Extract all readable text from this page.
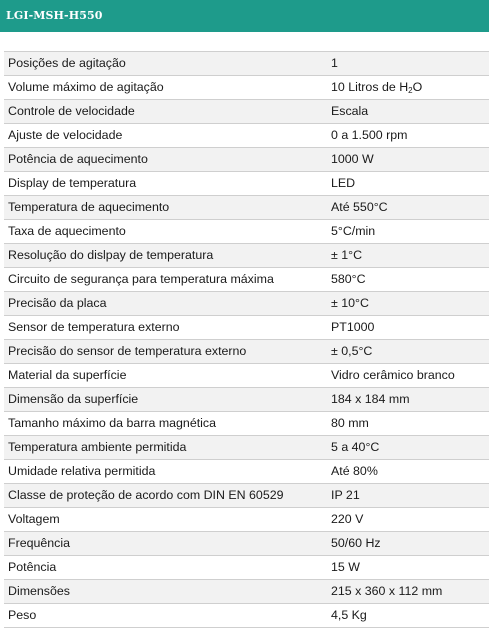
LGI-MSH-H550
Posições de agitação	1
Volume máximo de agitação	10 Litros de $H_2O$
Controle de velocidade	Escala
Ajuste de velocidade	0 a 1.500 rpm
Potência de aquecimento	1000 W
Display de temperatura	LED
Temperatura de aquecimento	Até 550°C
Taxa de aquecimento	5°C/min
Resolução do dislpay de temperatura	± 1°C
Circuito de segurança para temperatura máxima	580°C
Precisão da placa	± 10°C
Sensor de temperatura externo	PT1000
Precisão do sensor de temperatura externo	± 0,5°C
Material da superfície	Vidro cerâmico branco
Dimensão da superfície	184 x 184 mm
Tamanho máximo da barra magnética	80 mm
Temperatura ambiente permitida	5 a 40°C
Umidade relativa permitida	Até 80%
Classe de proteção de acordo com DIN EN 60529	IP 21
Voltagem	220 V
Frequência	50/60 Hz
Potência	15 W
Dimensões	215 x 360 x 112 mm
Peso	4,5 Kg
